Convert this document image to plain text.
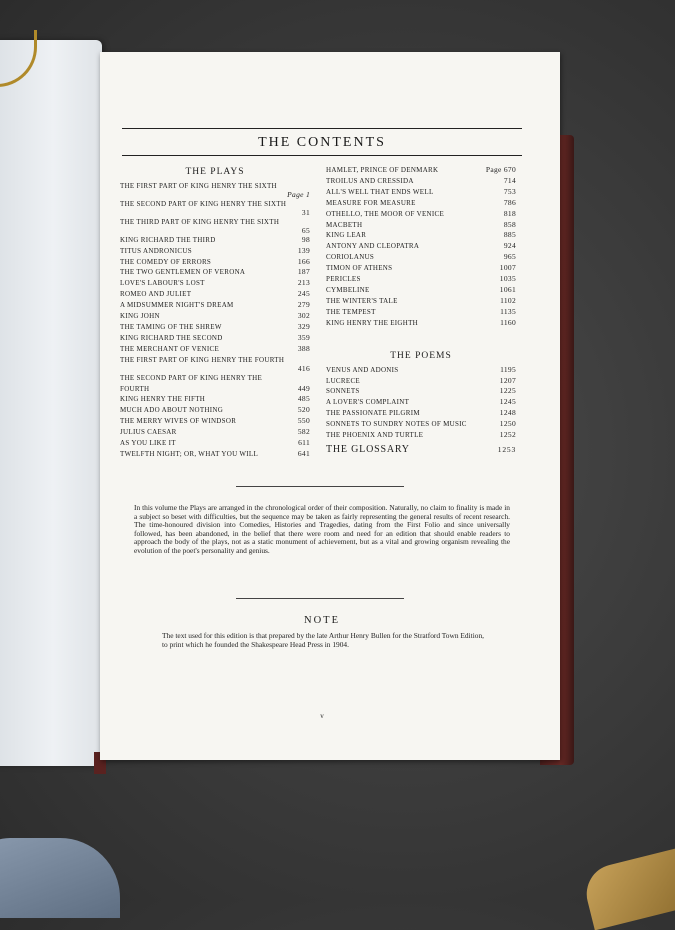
THE CONTENTS
THE PLAYS
THE FIRST PART OF KING HENRY THE SIXTH
Page 1
THE SECOND PART OF KING HENRY THE SIXTH
31
THE THIRD PART OF KING HENRY THE SIXTH
65
KING RICHARD THE THIRD	98
TITUS ANDRONICUS	139
THE COMEDY OF ERRORS	166
THE TWO GENTLEMEN OF VERONA	187
LOVE'S LABOUR'S LOST	213
ROMEO AND JULIET	245
A MIDSUMMER NIGHT'S DREAM	279
KING JOHN	302
THE TAMING OF THE SHREW	329
KING RICHARD THE SECOND	359
THE MERCHANT OF VENICE	388
THE FIRST PART OF KING HENRY THE FOURTH
416
THE SECOND PART OF KING HENRY THE FOURTH	449
KING HENRY THE FIFTH	485
MUCH ADO ABOUT NOTHING	520
THE MERRY WIVES OF WINDSOR	550
JULIUS CAESAR	582
AS YOU LIKE IT	611
TWELFTH NIGHT; OR, WHAT YOU WILL	641
HAMLET, PRINCE OF DENMARK	Page 670
TROILUS AND CRESSIDA	714
ALL'S WELL THAT ENDS WELL	753
MEASURE FOR MEASURE	786
OTHELLO, THE MOOR OF VENICE	818
MACBETH	858
KING LEAR	885
ANTONY AND CLEOPATRA	924
CORIOLANUS	965
TIMON OF ATHENS	1007
PERICLES	1035
CYMBELINE	1061
THE WINTER'S TALE	1102
THE TEMPEST	1135
KING HENRY THE EIGHTH	1160
THE POEMS
VENUS AND ADONIS	1195
LUCRECE	1207
SONNETS	1225
A LOVER'S COMPLAINT	1245
THE PASSIONATE PILGRIM	1248
SONNETS TO SUNDRY NOTES OF MUSIC	1250
THE PHOENIX AND TURTLE	1252
THE GLOSSARY	1253
In this volume the Plays are arranged in the chronological order of their composition. Naturally, no claim to finality is made in a subject so beset with difficulties, but the sequence may be taken as fairly representing the general results of recent research. The time-honoured division into Comedies, Histories and Tragedies, dating from the First Folio and since universally followed, has been abandoned, in the belief that there were room and need for an edition that should enable readers to approach the body of the plays, not as a static monument of achievement, but as a vital and growing organism revealing the evolution of the poet's personality and genius.
NOTE
The text used for this edition is that prepared by the late Arthur Henry Bullen for the Stratford Town Edition, to print which he founded the Shakespeare Head Press in 1904.
v
